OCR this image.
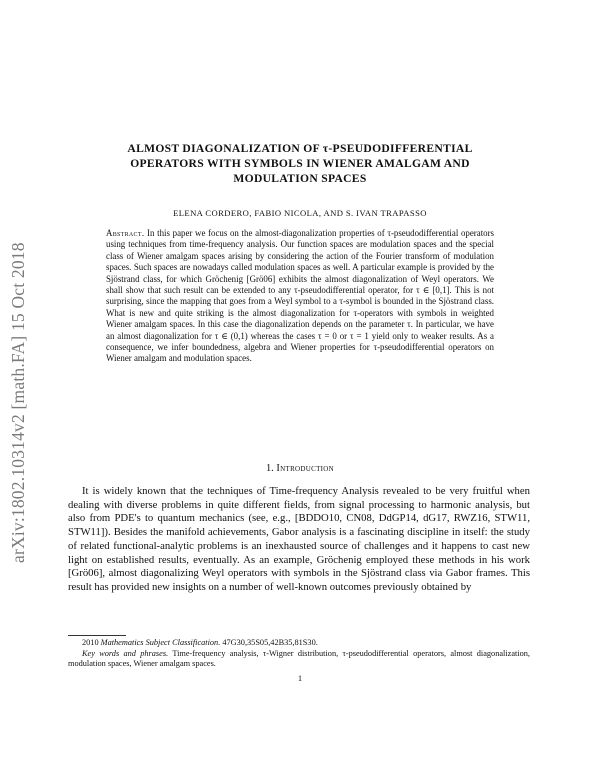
arXiv:1802.10314v2 [math.FA] 15 Oct 2018
ALMOST DIAGONALIZATION OF τ-PSEUDODIFFERENTIAL
OPERATORS WITH SYMBOLS IN WIENER AMALGAM AND
MODULATION SPACES
ELENA CORDERO, FABIO NICOLA, AND S. IVAN TRAPASSO
Abstract. In this paper we focus on the almost-diagonalization properties of τ-pseudodifferential operators using techniques from time-frequency analysis. Our function spaces are modulation spaces and the special class of Wiener amalgam spaces arising by considering the action of the Fourier transform of modulation spaces. Such spaces are nowadays called modulation spaces as well. A particular example is provided by the Sjöstrand class, for which Gröchenig [Grö06] exhibits the almost diagonalization of Weyl operators. We shall show that such result can be extended to any τ-pseudodifferential operator, for τ ∈ [0,1]. This is not surprising, since the mapping that goes from a Weyl symbol to a τ-symbol is bounded in the Sjöstrand class. What is new and quite striking is the almost diagonalization for τ-operators with symbols in weighted Wiener amalgam spaces. In this case the diagonalization depends on the parameter τ. In particular, we have an almost diagonalization for τ ∈ (0,1) whereas the cases τ = 0 or τ = 1 yield only to weaker results. As a consequence, we infer boundedness, algebra and Wiener properties for τ-pseudodifferential operators on Wiener amalgam and modulation spaces.
1. Introduction
It is widely known that the techniques of Time-frequency Analysis revealed to be very fruitful when dealing with diverse problems in quite different fields, from signal processing to harmonic analysis, but also from PDE's to quantum mechanics (see, e.g., [BDDO10, CN08, DdGP14, dG17, RWZ16, STW11, STW11]). Besides the manifold achievements, Gabor analysis is a fascinating discipline in itself: the study of related functional-analytic problems is an inexhausted source of challenges and it happens to cast new light on established results, eventually. As an example, Gröchenig employed these methods in his work [Grö06], almost diagonalizing Weyl operators with symbols in the Sjöstrand class via Gabor frames. This result has provided new insights on a number of well-known outcomes previously obtained by
2010 Mathematics Subject Classification. 47G30,35S05,42B35,81S30.
Key words and phrases. Time-frequency analysis, τ-Wigner distribution, τ-pseudodifferential operators, almost diagonalization, modulation spaces, Wiener amalgam spaces.
1
